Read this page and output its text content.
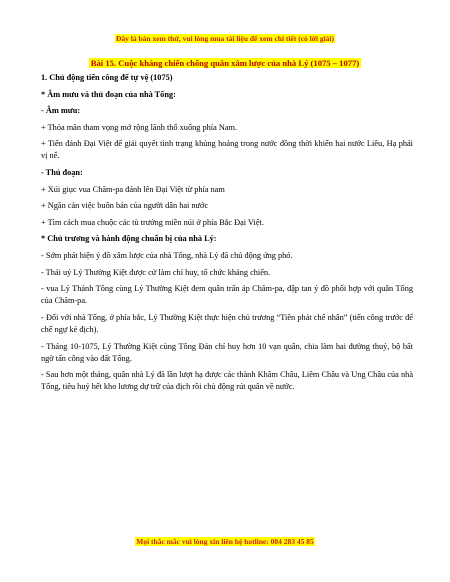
Đây là bản xem thử, vui lòng mua tài liệu để xem chi tiết (có lời giải)
Bài 15. Cuộc kháng chiến chống quân xâm lược của nhà Lý (1075 – 1077)

1. Chủ động tiến công để tự vệ (1075)

* Âm mưu và thủ đoạn của nhà Tống:

- Âm mưu:

+ Thỏa mãn tham vọng mở rộng lãnh thổ xuống phía Nam.

+ Tiến đánh Đại Việt để giải quyết tình trạng khủng hoảng trong nước đồng thời khiến hai nước Liêu, Hạ phải vị nể.

- Thủ đoạn:

+ Xúi giục vua Chăm-pa đánh lên Đại Việt từ phía nam

+ Ngăn cản việc buôn bán của người dân hai nước

+ Tìm cách mua chuộc các tù trưởng miền núi ở phía Bắc Đại Việt.

* Chủ trương và hành động chuẩn bị của nhà Lý:

- Sớm phát hiện ý đồ xâm lược của nhà Tống, nhà Lý đã chủ động ứng phó.

- Thái uý Lý Thường Kiệt được cử làm chỉ huy, tổ chức kháng chiến.

- vua Lý Thánh Tông cùng Lý Thường Kiệt đem quân trấn áp Chăm-pa, đập tan ý đồ phối hợp với quân Tống của Chăm-pa.

- Đối với nhà Tống, ở phía bắc, Lý Thường Kiệt thực hiện chủ trương “Tiên phát chế nhân” (tiến công trước để chế ngự kẻ địch).

- Tháng 10-1075, Lý Thường Kiệt cùng Tông Đản chỉ huy hơn 10 vạn quân, chia làm hai đường thuỷ, bộ bất ngờ tấn công vào đất Tống.

- Sau hơn một tháng, quân nhà Lý đã lần lượt hạ được các thành Khâm Châu, Liêm Châu và Ung Châu của nhà Tống, tiêu huỷ hết kho lương dự trữ của địch rồi chủ động rút quân về nước.

Mọi thắc mắc vui lòng xin liên hệ hotline: 084 283 45 85
